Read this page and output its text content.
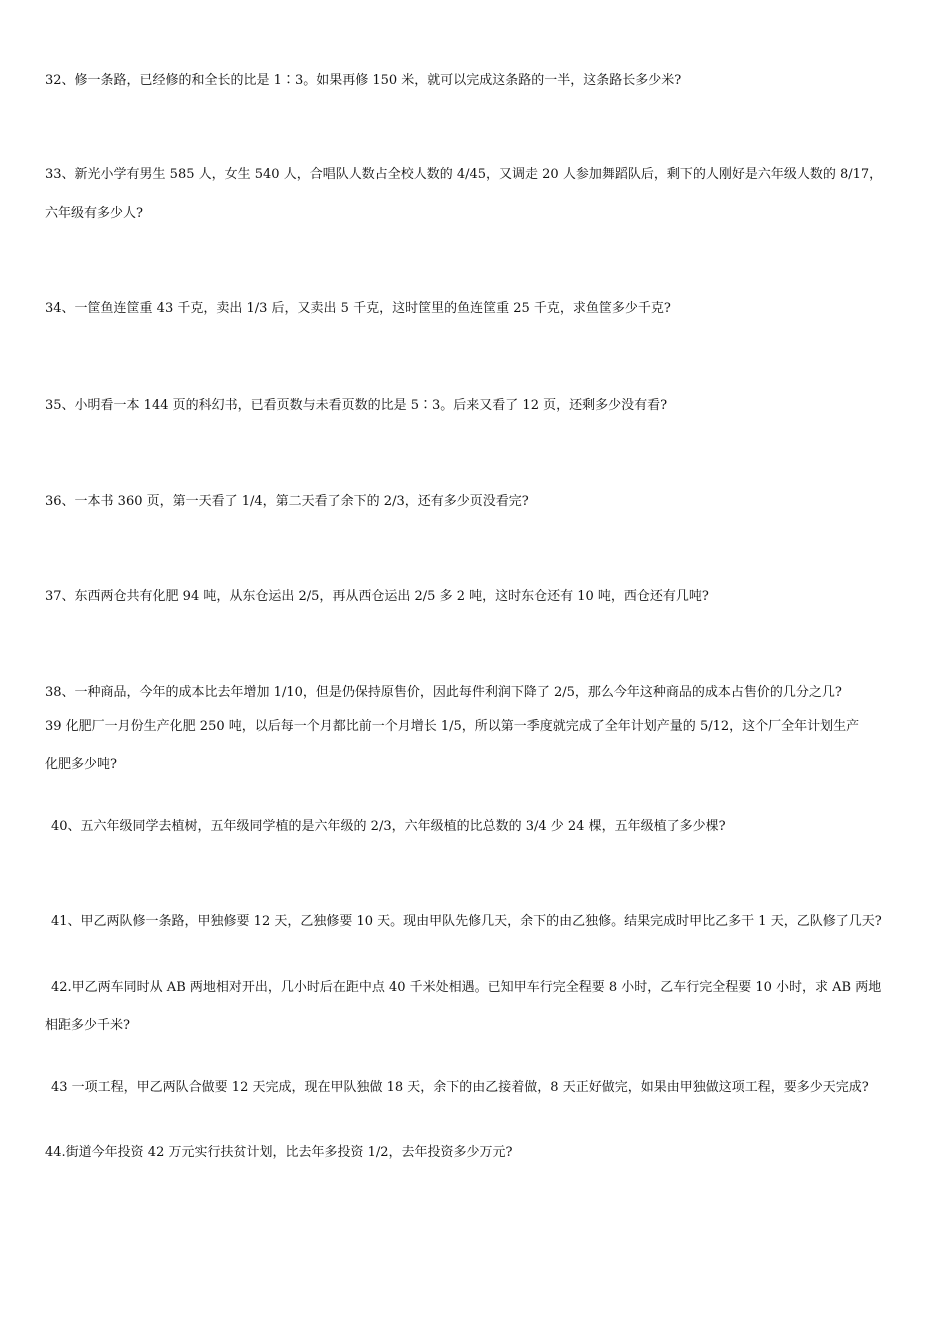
32、修一条路，已经修的和全长的比是 1∶3。如果再修 150 米，就可以完成这条路的一半，这条路长多少米?
33、新光小学有男生 585 人，女生 540 人，合唱队人数占全校人数的 4/45，又调走 20 人参加舞蹈队后，剩下的人刚好是六年级人数的 8/17，
六年级有多少人?
34、一筐鱼连筐重 43 千克，卖出 1/3 后，又卖出 5 千克，这时筐里的鱼连筐重 25 千克，求鱼筐多少千克?
35、小明看一本 144 页的科幻书，已看页数与未看页数的比是 5∶3。后来又看了 12 页，还剩多少没有看?
36、一本书 360 页，第一天看了 1/4，第二天看了余下的 2/3，还有多少页没看完?
37、东西两仓共有化肥 94 吨，从东仓运出 2/5，再从西仓运出 2/5 多 2 吨，这时东仓还有 10 吨，西仓还有几吨?
38、一种商品，今年的成本比去年增加 1/10，但是仍保持原售价，因此每件利润下降了 2/5，那么今年这种商品的成本占售价的几分之几?
39 化肥厂一月份生产化肥 250 吨，以后每一个月都比前一个月增长 1/5，所以第一季度就完成了全年计划产量的 5/12，这个厂全年计划生产
化肥多少吨?
40、五六年级同学去植树，五年级同学植的是六年级的 2/3，六年级植的比总数的 3/4 少 24 棵，五年级植了多少棵?
41、甲乙两队修一条路，甲独修要 12 天，乙独修要 10 天。现由甲队先修几天，余下的由乙独修。结果完成时甲比乙多干 1 天，乙队修了几天?
42.甲乙两车同时从 AB 两地相对开出，几小时后在距中点 40 千米处相遇。已知甲车行完全程要 8 小时，乙车行完全程要 10 小时，求 AB 两地
相距多少千米?
43 一项工程，甲乙两队合做要 12 天完成，现在甲队独做 18 天，余下的由乙接着做，8 天正好做完，如果由甲独做这项工程，要多少天完成?
44.街道今年投资 42 万元实行扶贫计划，比去年多投资 1/2，去年投资多少万元?
